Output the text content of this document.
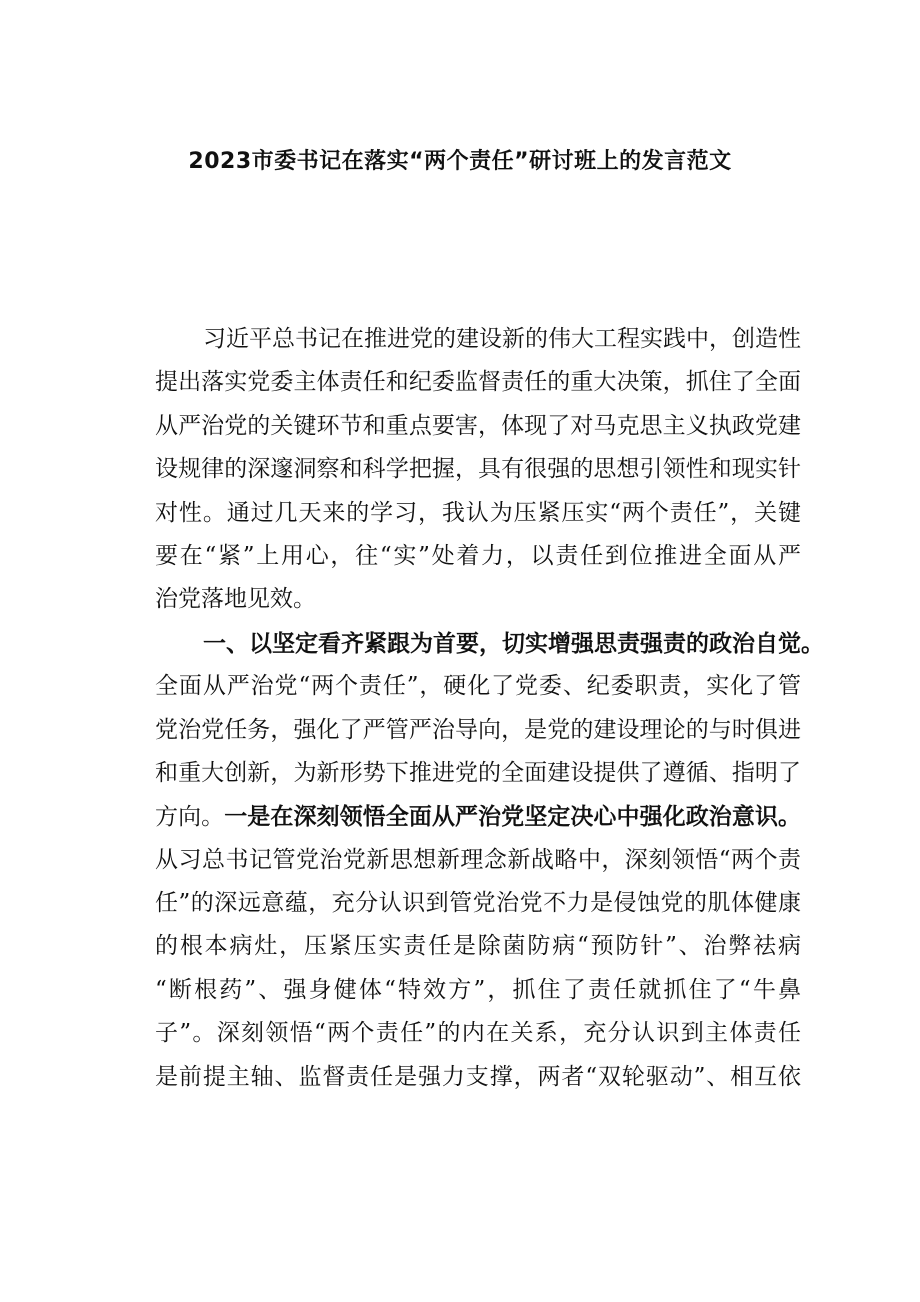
2023市委书记在落实“两个责任”研讨班上的发言范文
习近平总书记在推进党的建设新的伟大工程实践中，创造性
提出落实党委主体责任和纪委监督责任的重大决策，抓住了全面
从严治党的关键环节和重点要害，体现了对马克思主义执政党建
设规律的深邃洞察和科学把握，具有很强的思想引领性和现实针
对性。通过几天来的学习，我认为压紧压实“两个责任”，关键
要在“紧”上用心，往“实”处着力，以责任到位推进全面从严
治党落地见效。
一、以坚定看齐紧跟为首要，切实增强思责强责的政治自觉。
全面从严治党“两个责任”，硬化了党委、纪委职责，实化了管
党治党任务，强化了严管严治导向，是党的建设理论的与时俱进
和重大创新，为新形势下推进党的全面建设提供了遵循、指明了
方向。一是在深刻领悟全面从严治党坚定决心中强化政治意识。
从习总书记管党治党新思想新理念新战略中，深刻领悟“两个责
任”的深远意蕴，充分认识到管党治党不力是侵蚀党的肌体健康
的根本病灶，压紧压实责任是除菌防病“预防针”、治弊祛病
“断根药”、强身健体“特效方”，抓住了责任就抓住了“牛鼻
子”。深刻领悟“两个责任”的内在关系，充分认识到主体责任
是前提主轴、监督责任是强力支撑，两者“双轮驱动”、相互依
